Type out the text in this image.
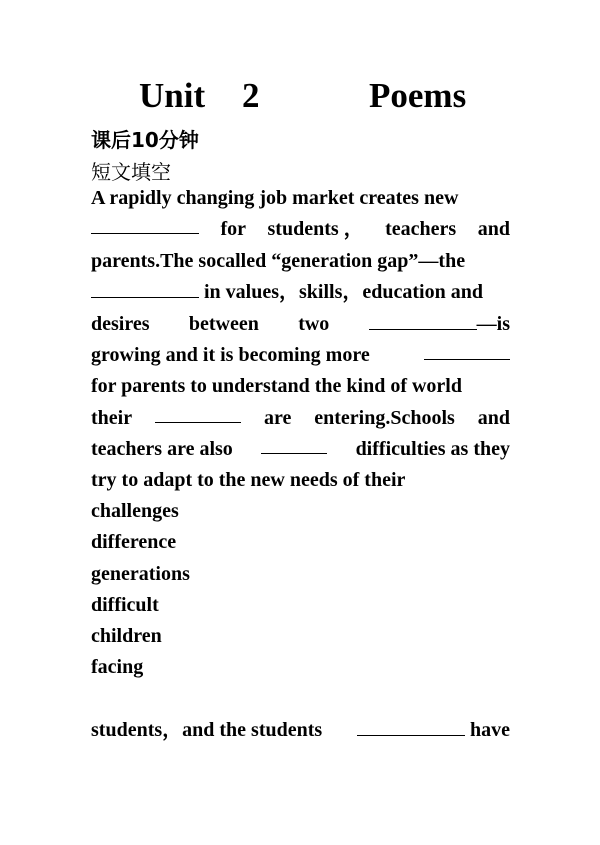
Unit 2	Poems
课后10分钟
短文填空
A rapidly changing job market creates new
for students ， teachers and
parents.The socalled “generation gap”—the
in values，skills，education and
desires between two	—is
growing and it is becoming more
for parents to understand the kind of world
their	are entering.Schools and
teachers are also	difficulties as they
try to adapt to the new needs of their
challenges
difference
generations
difficult
children
facing
students，and the students	have
